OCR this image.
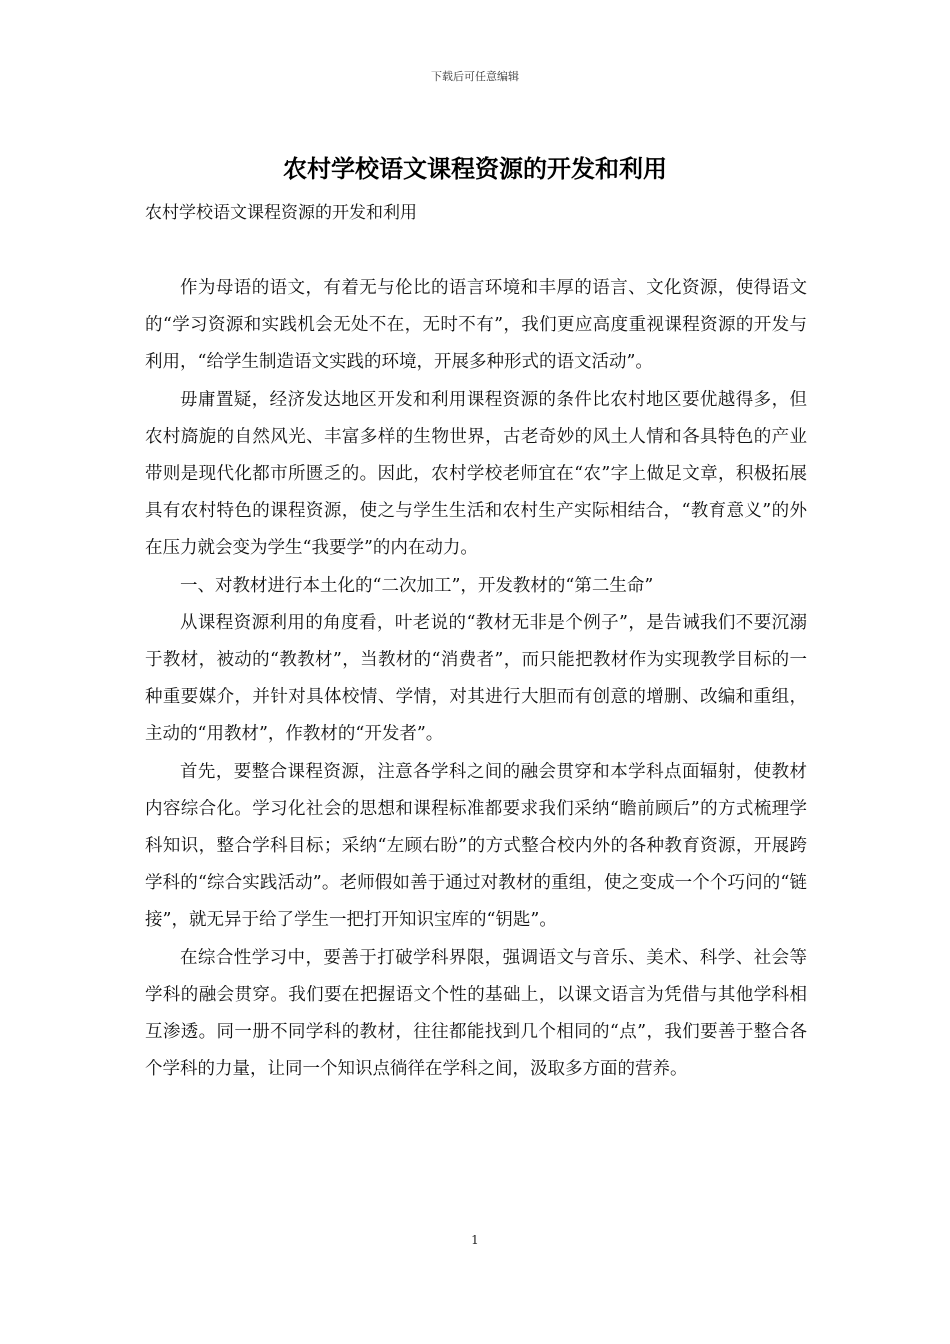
下载后可任意编辑
农村学校语文课程资源的开发和利用
农村学校语文课程资源的开发和利用

作为母语的语文，有着无与伦比的语言环境和丰厚的语言、文化资源，使得语文的“学习资源和实践机会无处不在，无时不有”，我们更应高度重视课程资源的开发与利用，“给学生制造语文实践的环境，开展多种形式的语文活动”。

毋庸置疑，经济发达地区开发和利用课程资源的条件比农村地区要优越得多，但农村旖旎的自然风光、丰富多样的生物世界，古老奇妙的风土人情和各具特色的产业带则是现代化都市所匮乏的。因此，农村学校老师宜在“农”字上做足文章，积极拓展具有农村特色的课程资源，使之与学生生活和农村生产实际相结合，“教育意义”的外在压力就会变为学生“我要学”的内在动力。

一、对教材进行本土化的“二次加工”，开发教材的“第二生命”

从课程资源利用的角度看，叶老说的“教材无非是个例子”，是告诫我们不要沉溺于教材，被动的“教教材”，当教材的“消费者”，而只能把教材作为实现教学目标的一种重要媒介，并针对具体校情、学情，对其进行大胆而有创意的增删、改编和重组，主动的“用教材”，作教材的“开发者”。

首先，要整合课程资源，注意各学科之间的融会贯穿和本学科点面辐射，使教材内容综合化。学习化社会的思想和课程标准都要求我们采纳“瞻前顾后”的方式梳理学科知识，整合学科目标；采纳“左顾右盼”的方式整合校内外的各种教育资源，开展跨学科的“综合实践活动”。老师假如善于通过对教材的重组，使之变成一个个巧问的“链接”，就无异于给了学生一把打开知识宝库的“钥匙”。

在综合性学习中，要善于打破学科界限，强调语文与音乐、美术、科学、社会等学科的融会贯穿。我们要在把握语文个性的基础上，以课文语言为凭借与其他学科相互渗透。同一册不同学科的教材，往往都能找到几个相同的“点”，我们要善于整合各个学科的力量，让同一个知识点徜徉在学科之间，汲取多方面的营养。

1
